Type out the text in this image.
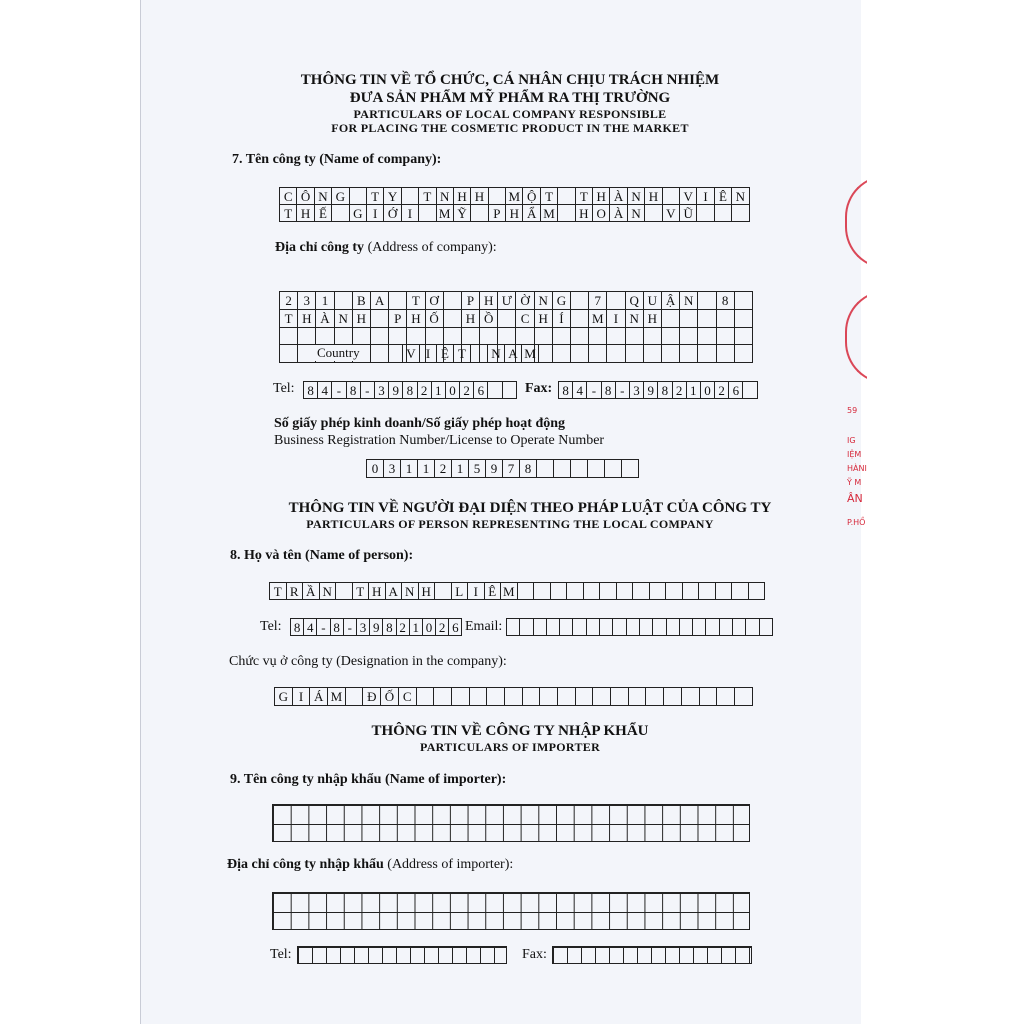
THÔNG TIN VỀ TỔ CHỨC, CÁ NHÂN CHỊU TRÁCH NHIỆM
ĐƯA SẢN PHẨM MỸ PHẨM RA THỊ TRƯỜNG
PARTICULARS OF LOCAL COMPANY RESPONSIBLE
FOR PLACING THE COSMETIC PRODUCT IN THE MARKET
7. Tên công ty (Name of company):
C Ô N G	T Y	T N H H	M Ộ T	T H À N H	V I Ê N
T H Ế	G I Ớ I	M Ỹ	P H Ẩ M	H O À N	V Ũ
Địa chỉ công ty (Address of company):
2 3 1	B A	T Ơ	P H Ư Ờ N G	7	Q U Ậ N	8
T H À N H	P H Ố	H Ồ	C H Í	M I N H
Country	V I Ệ T	N A M
Tel: 8 4 - 8 - 3 9 8 2 1 0 2 6	Fax: 8 4 - 8 - 3 9 8 2 1 0 2 6
Số giấy phép kinh doanh/Số giấy phép hoạt động
Business Registration Number/License to Operate Number
0 3 1 1 2 1 5 9 7 8
THÔNG TIN VỀ NGƯỜI ĐẠI DIỆN THEO PHÁP LUẬT CỦA CÔNG TY
PARTICULARS OF PERSON REPRESENTING THE LOCAL COMPANY
8. Họ và tên (Name of person):
T R Ầ N	T H A N H	L I Ê M
Tel: 8 4 - 8 - 3 9 8 2 1 0 2 6 Email:
Chức vụ ở công ty (Designation in the company):
G I Á M	Đ Ố C
THÔNG TIN VỀ CÔNG TY NHẬP KHẨU
PARTICULARS OF IMPORTER
9. Tên công ty nhập khẩu (Name of importer):
Địa chỉ công ty nhập khẩu (Address of importer):
Tel:	Fax:
59
IG
IỆM
HÀNI
Ỹ M
ÂN
P.HỒ
